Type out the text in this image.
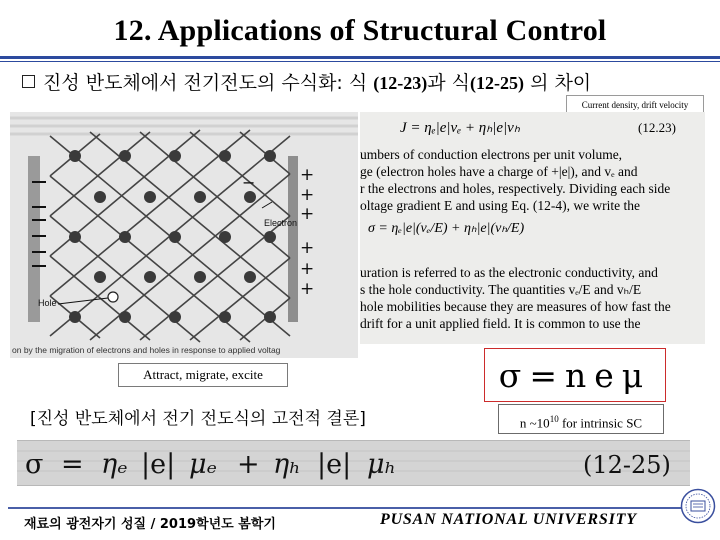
12. Applications of Structural Control
진성 반도체에서 전기전도의 수식화: 식 (12-23)과 식(12-25) 의 차이
Current density, drift velocity
+
+
+
+
+
+
−
Electron
Hole
on by the migration of electrons and holes in response to applied voltag
J = ηₑ|e|vₑ + ηₕ|e|vₕ	(12.23)
umbers of conduction electrons per unit volume,
ge (electron holes have a charge of +|e|), and vₑ and
r the electrons and holes, respectively. Dividing each side
oltage gradient E and using Eq. (12-4), we write the
σ = ηₑ|e|(vₑ/E) + ηₕ|e|(vₕ/E)
uration is referred to as the electronic conductivity, and
s the hole conductivity. The quantities vₑ/E and vₕ/E
hole mobilities because they are measures of how fast the
drift for a unit applied field. It is common to use the
Attract, migrate, excite	σ = n e μ
[진성 반도체에서 전기 전도식의 고전적 결론]	n $\sim 10^{10}$ for intrinsic SC
σ = ηₑ |e| μₑ + ηₕ |e| μₕ	(12-25)
재료의 광전자기 성질 / 2019학년도 봄학기	PUSAN NATIONAL UNIVERSITY
